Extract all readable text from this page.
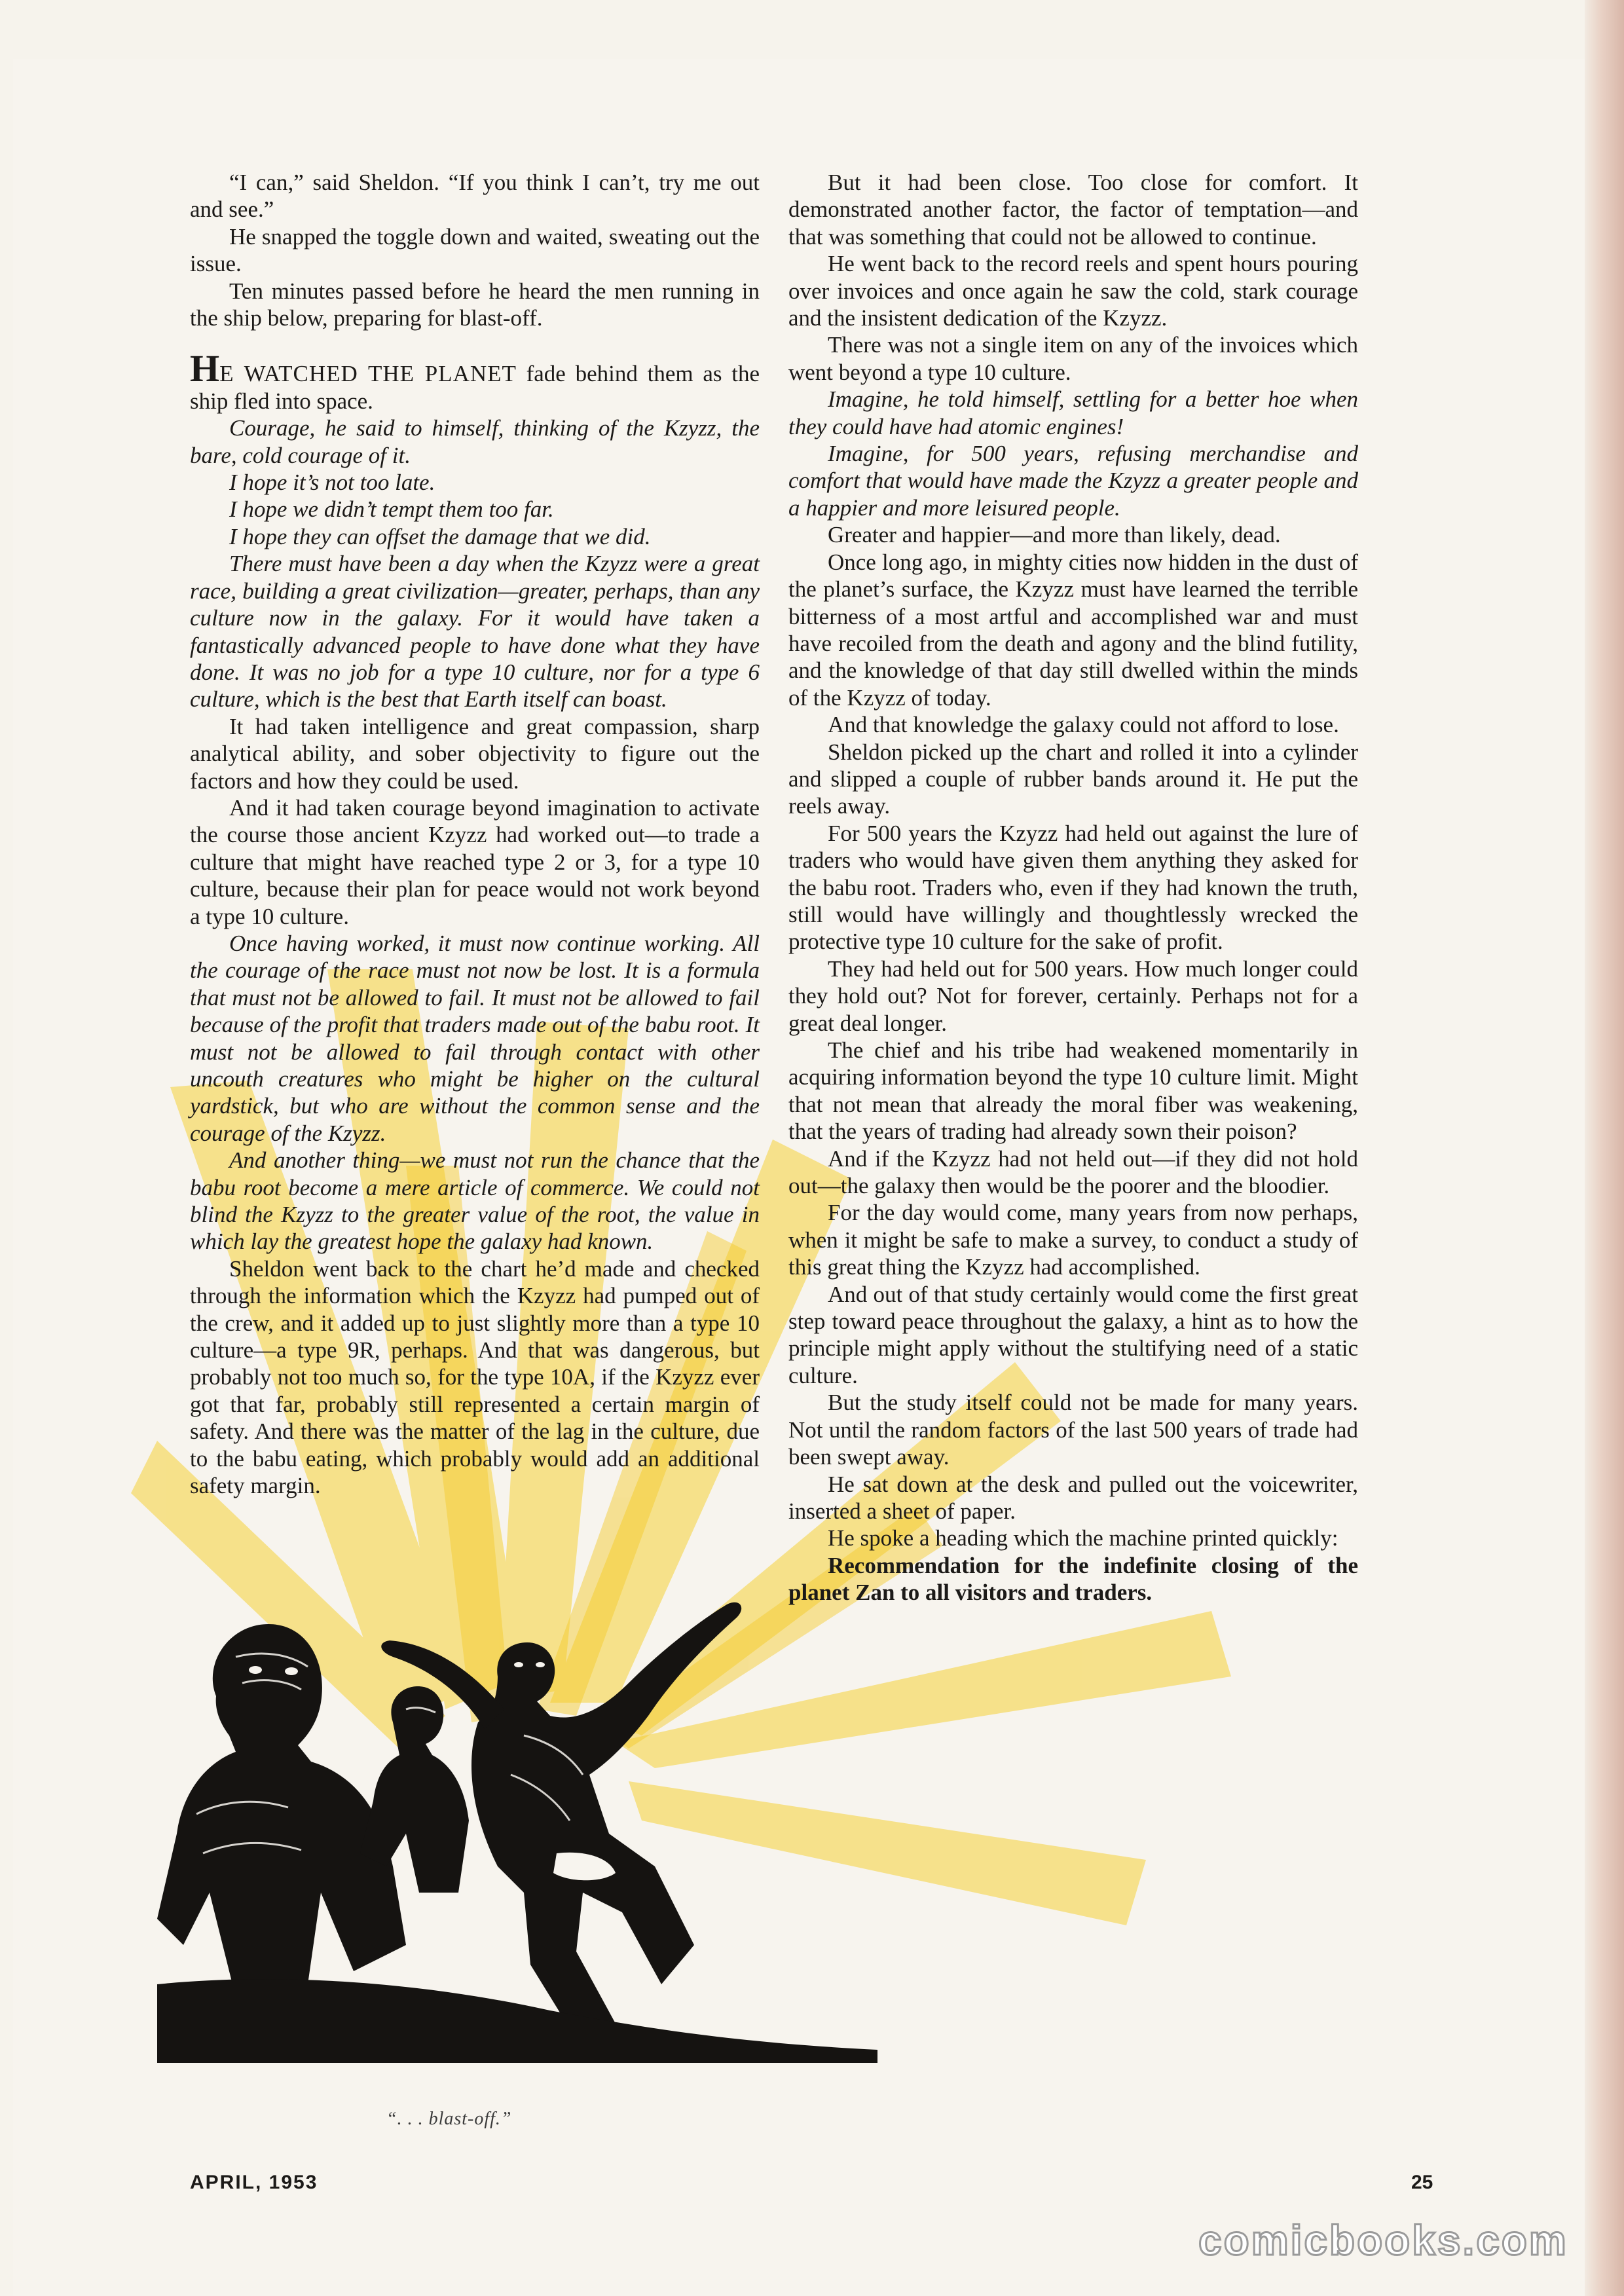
“I can,” said Sheldon. “If you think I can’t, try me out and see.”

He snapped the toggle down and waited, sweating out the issue.

Ten minutes passed before he heard the men running in the ship below, preparing for blast-off.

HE WATCHED THE PLANET fade behind them as the ship fled into space.

Courage, he said to himself, thinking of the Kzyzz, the bare, cold courage of it.

I hope it’s not too late.

I hope we didn’t tempt them too far.

I hope they can offset the damage that we did.

There must have been a day when the Kzyzz were a great race, building a great civilization—greater, perhaps, than any culture now in the galaxy. For it would have taken a fantastically advanced people to have done what they have done. It was no job for a type 10 culture, nor for a type 6 culture, which is the best that Earth itself can boast.

It had taken intelligence and great compassion, sharp analytical ability, and sober objectivity to figure out the factors and how they could be used.

And it had taken courage beyond imagination to activate the course those ancient Kzyzz had worked out—to trade a culture that might have reached type 2 or 3, for a type 10 culture, because their plan for peace would not work beyond a type 10 culture.

Once having worked, it must now continue working. All the courage of the race must not now be lost. It is a formula that must not be allowed to fail. It must not be allowed to fail because of the profit that traders made out of the babu root. It must not be allowed to fail through contact with other uncouth creatures who might be higher on the cultural yardstick, but who are without the common sense and the courage of the Kzyzz.

And another thing—we must not run the chance that the babu root become a mere article of commerce. We could not blind the Kzyzz to the greater value of the root, the value in which lay the greatest hope the galaxy had known.

Sheldon went back to the chart he’d made and checked through the information which the Kzyzz had pumped out of the crew, and it added up to just slightly more than a type 10 culture—a type 9R, perhaps. And that was dangerous, but probably not too much so, for the type 10A, if the Kzyzz ever got that far, probably still represented a certain margin of safety. And there was the matter of the lag in the culture, due to the babu eating, which probably would add an additional safety margin.

But it had been close. Too close for comfort. It demonstrated another factor, the factor of temptation—and that was something that could not be allowed to continue.

He went back to the record reels and spent hours pouring over invoices and once again he saw the cold, stark courage and the insistent dedication of the Kzyzz.

There was not a single item on any of the invoices which went beyond a type 10 culture.

Imagine, he told himself, settling for a better hoe when they could have had atomic engines!

Imagine, for 500 years, refusing merchandise and comfort that would have made the Kzyzz a greater people and a happier and more leisured people.

Greater and happier—and more than likely, dead.

Once long ago, in mighty cities now hidden in the dust of the planet’s surface, the Kzyzz must have learned the terrible bitterness of a most artful and accomplished war and must have recoiled from the death and agony and the blind futility, and the knowledge of that day still dwelled within the minds of the Kzyzz of today.

And that knowledge the galaxy could not afford to lose.

Sheldon picked up the chart and rolled it into a cylinder and slipped a couple of rubber bands around it. He put the reels away.

For 500 years the Kzyzz had held out against the lure of traders who would have given them anything they asked for the babu root. Traders who, even if they had known the truth, still would have willingly and thoughtlessly wrecked the protective type 10 culture for the sake of profit.

They had held out for 500 years. How much longer could they hold out? Not for forever, certainly. Perhaps not for a great deal longer.

The chief and his tribe had weakened momentarily in acquiring information beyond the type 10 culture limit. Might that not mean that already the moral fiber was weakening, that the years of trading had already sown their poison?

And if the Kzyzz had not held out—if they did not hold out—the galaxy then would be the poorer and the bloodier.

For the day would come, many years from now perhaps, when it might be safe to make a survey, to conduct a study of this great thing the Kzyzz had accomplished.

And out of that study certainly would come the first great step toward peace throughout the galaxy, a hint as to how the principle might apply without the stultifying need of a static culture.

But the study itself could not be made for many years. Not until the random factors of the last 500 years of trade had been swept away.

He sat down at the desk and pulled out the voicewriter, inserted a sheet of paper.

He spoke a heading which the machine printed quickly:

Recommendation for the indefinite closing of the planet Zan to all visitors and traders.

“. . . blast-off.”
APRIL, 1953	25
comicbooks.com
